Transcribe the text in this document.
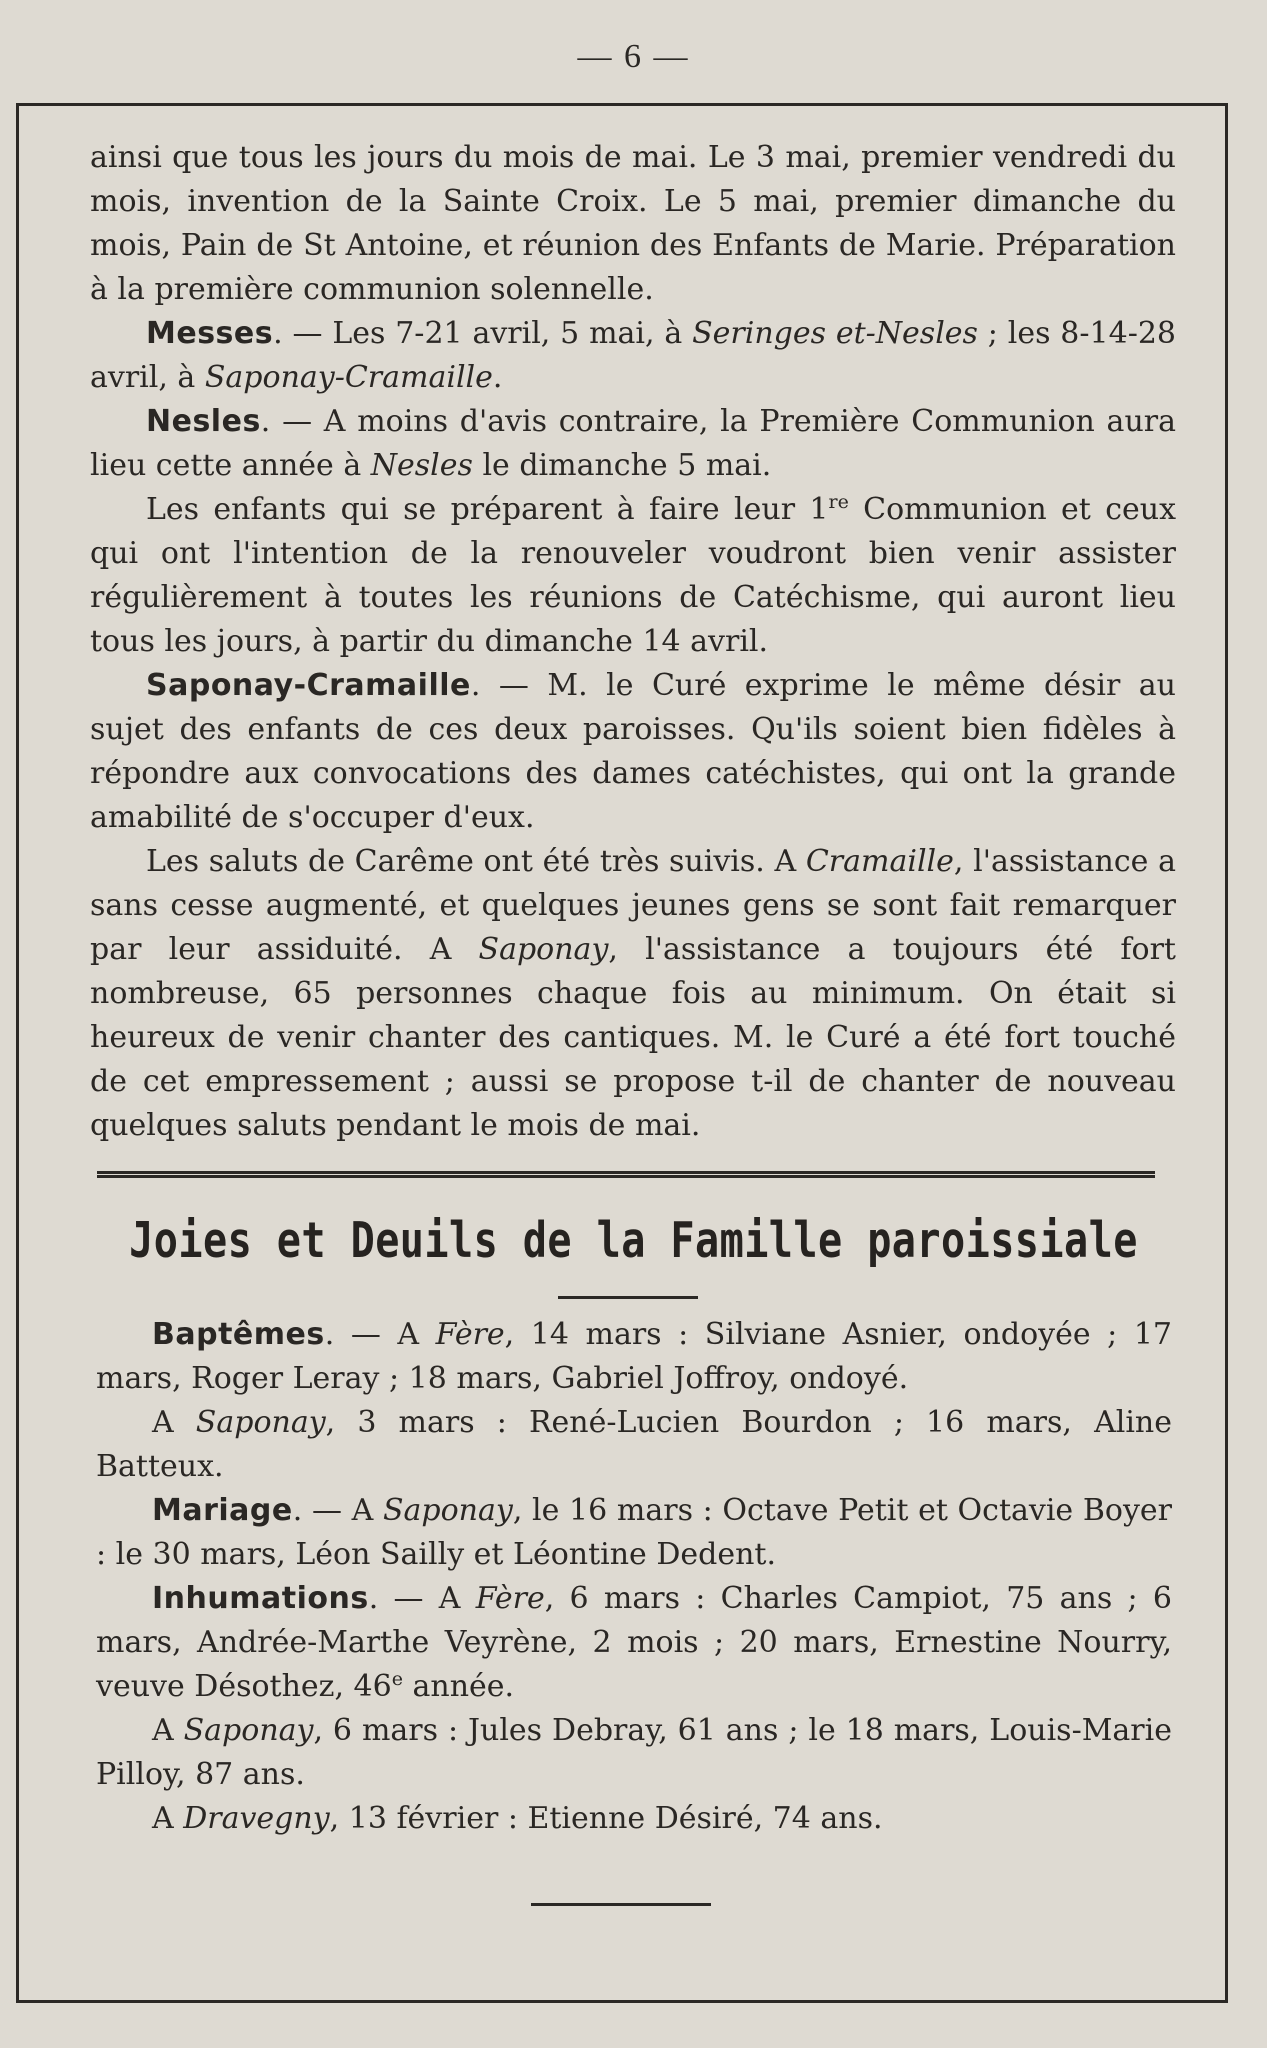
— 6 —

ainsi que tous les jours du mois de mai. Le 3 mai, premier vendredi du mois, invention de la Sainte Croix. Le 5 mai, premier dimanche du mois, Pain de St Antoine, et réunion des Enfants de Marie. Préparation à la première communion solennelle.

Messes. — Les 7-21 avril, 5 mai, à Seringes et-Nesles ; les 8-14-28 avril, à Saponay-Cramaille.

Nesles. — A moins d'avis contraire, la Première Communion aura lieu cette année à Nesles le dimanche 5 mai.

Les enfants qui se préparent à faire leur 1re Communion et ceux qui ont l'intention de la renouveler voudront bien venir assister régulièrement à toutes les réunions de Catéchisme, qui auront lieu tous les jours, à partir du dimanche 14 avril.

Saponay-Cramaille. — M. le Curé exprime le même désir au sujet des enfants de ces deux paroisses. Qu'ils soient bien fidèles à répondre aux convocations des dames catéchistes, qui ont la grande amabilité de s'occuper d'eux.

Les saluts de Carême ont été très suivis. A Cramaille, l'assistance a sans cesse augmenté, et quelques jeunes gens se sont fait remarquer par leur assiduité. A Saponay, l'assistance a toujours été fort nombreuse, 65 personnes chaque fois au minimum. On était si heureux de venir chanter des cantiques. M. le Curé a été fort touché de cet empressement ; aussi se propose t-il de chanter de nouveau quelques saluts pendant le mois de mai.

Joies et Deuils de la Famille paroissiale

Baptêmes. — A Fère, 14 mars : Silviane Asnier, ondoyée ; 17 mars, Roger Leray ; 18 mars, Gabriel Joffroy, ondoyé.

A Saponay, 3 mars : René-Lucien Bourdon ; 16 mars, Aline Batteux.

Mariage. — A Saponay, le 16 mars : Octave Petit et Octavie Boyer : le 30 mars, Léon Sailly et Léontine Dedent.

Inhumations. — A Fère, 6 mars : Charles Campiot, 75 ans ; 6 mars, Andrée-Marthe Veyrène, 2 mois ; 20 mars, Ernestine Nourry, veuve Désothez, 46e année.

A Saponay, 6 mars : Jules Debray, 61 ans ; le 18 mars, Louis-Marie Pilloy, 87 ans.

A Dravegny, 13 février : Etienne Désiré, 74 ans.
